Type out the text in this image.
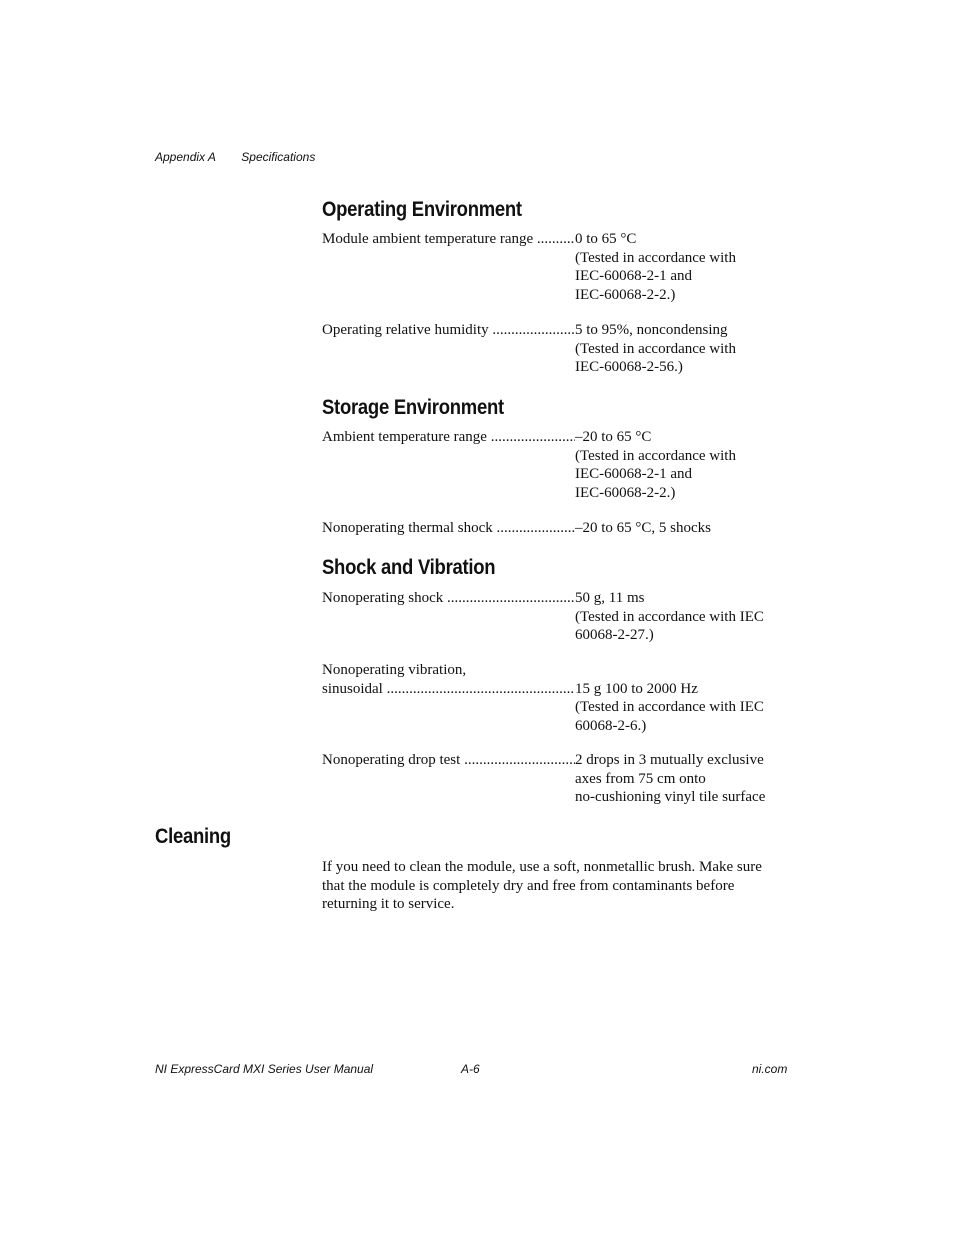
Appendix A Specifications
Operating Environment
Module ambient temperature range .....	0 to 65 °C
(Tested in accordance with
IEC-60068-2-1 and
IEC-60068-2-2.)
Operating relative humidity .....	5 to 95%, noncondensing
(Tested in accordance with
IEC-60068-2-56.)
Storage Environment
Ambient temperature range .....	–20 to 65 °C
(Tested in accordance with
IEC-60068-2-1 and
IEC-60068-2-2.)
Nonoperating thermal shock .....	–20 to 65 °C, 5 shocks
Shock and Vibration
Nonoperating shock .....	50 g, 11 ms
(Tested in accordance with IEC
60068-2-27.)
Nonoperating vibration,
sinusoidal .....	15 g 100 to 2000 Hz
(Tested in accordance with IEC
60068-2-6.)
Nonoperating drop test .....	2 drops in 3 mutually exclusive
axes from 75 cm onto
no-cushioning vinyl tile surface
Cleaning
If you need to clean the module, use a soft, nonmetallic brush. Make sure
that the module is completely dry and free from contaminants before
returning it to service.
NI ExpressCard MXI Series User Manual	A-6	ni.com
